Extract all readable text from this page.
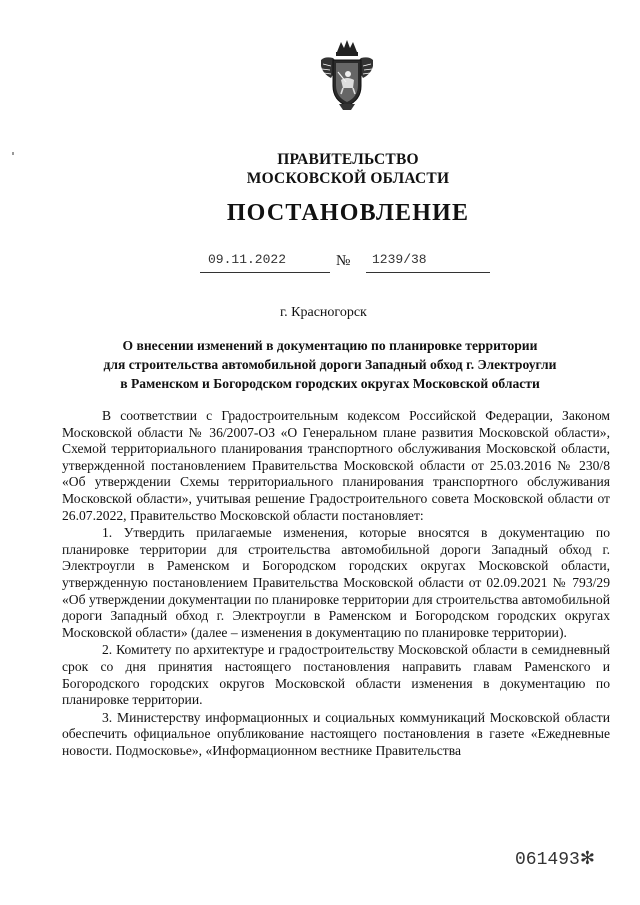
ПРАВИТЕЛЬСТВО
МОСКОВСКОЙ ОБЛАСТИ
ПОСТАНОВЛЕНИЕ
09.11.2022	№ 1239/38
г. Красногорск
О внесении изменений в документацию по планировке территории
для строительства автомобильной дороги Западный обход г. Электроугли
в Раменском и Богородском городских округах Московской области

В соответствии с Градостроительным кодексом Российской Федерации, Законом Московской области № 36/2007-ОЗ «О Генеральном плане развития Московской области», Схемой территориального планирования транспортного обслуживания Московской области, утвержденной постановлением Правительства Московской области от 25.03.2016 № 230/8 «Об утверждении Схемы территориального планирования транспортного обслуживания Московской области», учитывая решение Градостроительного совета Московской области от 26.07.2022, Правительство Московской области постановляет:

1. Утвердить прилагаемые изменения, которые вносятся в документацию по планировке территории для строительства автомобильной дороги Западный обход г. Электроугли в Раменском и Богородском городских округах Московской области, утвержденную постановлением Правительства Московской области от 02.09.2021 № 793/29 «Об утверждении документации по планировке территории для строительства автомобильной дороги Западный обход г. Электроугли в Раменском и Богородском городских округах Московской области» (далее – изменения в документацию по планировке территории).

2. Комитету по архитектуре и градостроительству Московской области в семидневный срок со дня принятия настоящего постановления направить главам Раменского и Богородского городских округов Московской области изменения в документацию по планировке территории.

3. Министерству информационных и социальных коммуникаций Московской области обеспечить официальное опубликование настоящего постановления в газете «Ежедневные новости. Подмосковье», «Информационном вестнике Правительства

061493✻
